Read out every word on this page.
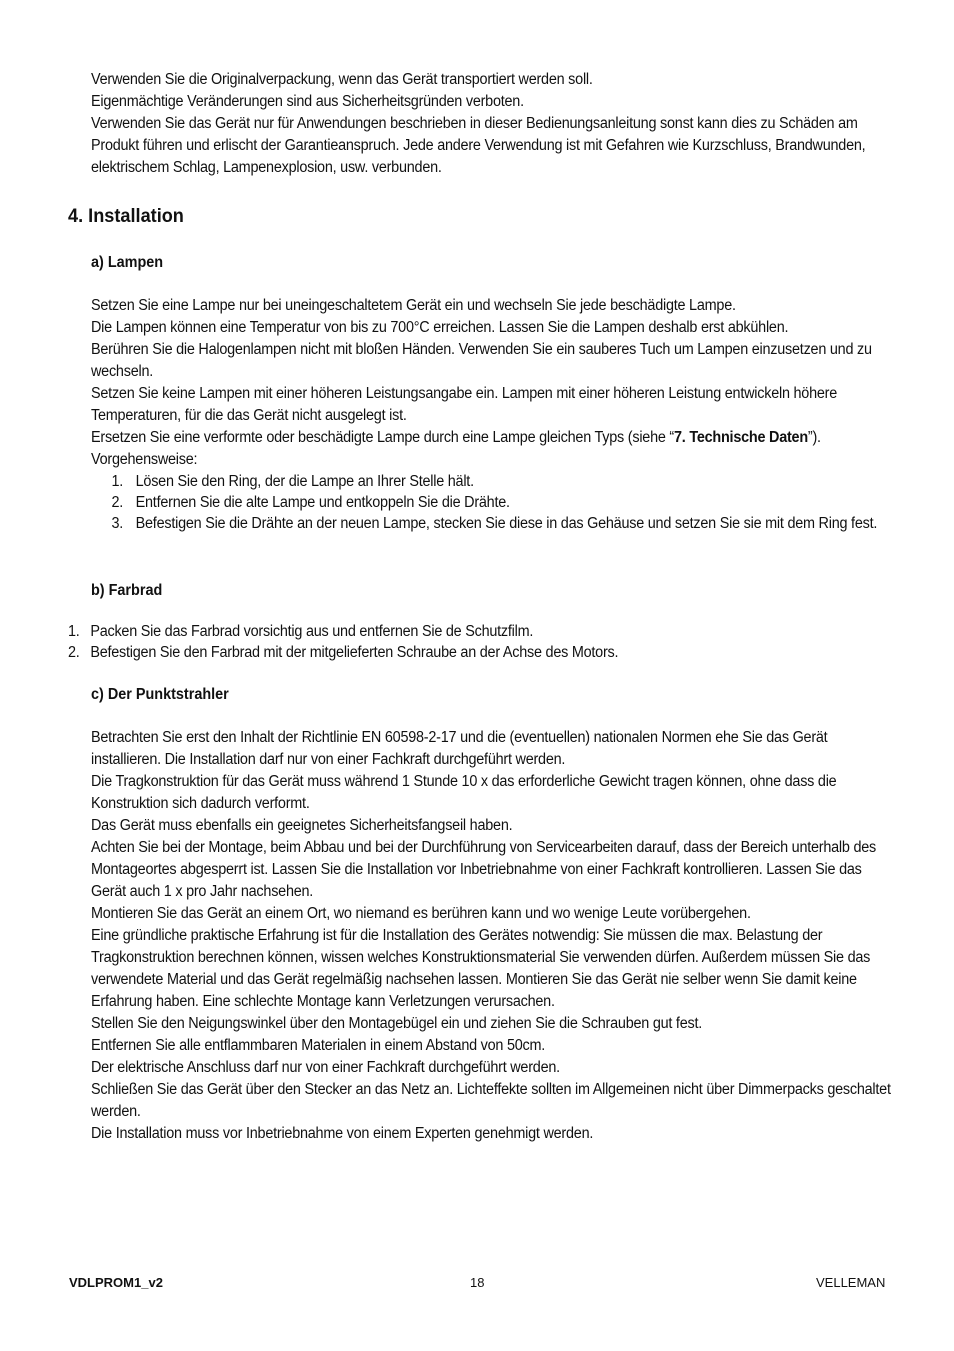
Verwenden Sie die Originalverpackung, wenn das Gerät transportiert werden soll.

Eigenmächtige Veränderungen sind aus Sicherheitsgründen verboten.

Verwenden Sie das Gerät nur für Anwendungen beschrieben in dieser Bedienungsanleitung sonst kann dies zu Schäden am Produkt führen und erlischt der Garantieanspruch. Jede andere Verwendung ist mit Gefahren wie Kurzschluss, Brandwunden, elektrischem Schlag, Lampenexplosion, usw. verbunden.

4. Installation
a) Lampen

Setzen Sie eine Lampe nur bei uneingeschaltetem Gerät ein und wechseln Sie jede beschädigte Lampe.

Die Lampen können eine Temperatur von bis zu 700°C erreichen. Lassen Sie die Lampen deshalb erst abkühlen.

Berühren Sie die Halogenlampen nicht mit bloßen Händen. Verwenden Sie ein sauberes Tuch um Lampen einzusetzen und zu wechseln.

Setzen Sie keine Lampen mit einer höheren Leistungsangabe ein. Lampen mit einer höheren Leistung entwickeln höhere Temperaturen, für die das Gerät nicht ausgelegt ist.

Ersetzen Sie eine verformte oder beschädigte Lampe durch eine Lampe gleichen Typs (siehe “7. Technische Daten”). Vorgehensweise:

1. Lösen Sie den Ring, der die Lampe an Ihrer Stelle hält.
2. Entfernen Sie die alte Lampe und entkoppeln Sie die Drähte.
3. Befestigen Sie die Drähte an der neuen Lampe, stecken Sie diese in das Gehäuse und setzen Sie sie mit dem Ring fest.
b) Farbrad
1. Packen Sie das Farbrad vorsichtig aus und entfernen Sie de Schutzfilm.
2. Befestigen Sie den Farbrad mit der mitgelieferten Schraube an der Achse des Motors.
c) Der Punktstrahler

Betrachten Sie erst den Inhalt der Richtlinie EN 60598-2-17 und die (eventuellen) nationalen Normen ehe Sie das Gerät installieren. Die Installation darf nur von einer Fachkraft durchgeführt werden.

Die Tragkonstruktion für das Gerät muss während 1 Stunde 10 x das erforderliche Gewicht tragen können, ohne dass die Konstruktion sich dadurch verformt.

Das Gerät muss ebenfalls ein geeignetes Sicherheitsfangseil haben.

Achten Sie bei der Montage, beim Abbau und bei der Durchführung von Servicearbeiten darauf, dass der Bereich unterhalb des Montageortes abgesperrt ist. Lassen Sie die Installation vor Inbetriebnahme von einer Fachkraft kontrollieren. Lassen Sie das Gerät auch 1 x pro Jahr nachsehen.

Montieren Sie das Gerät an einem Ort, wo niemand es berühren kann und wo wenige Leute vorübergehen.

Eine gründliche praktische Erfahrung ist für die Installation des Gerätes notwendig: Sie müssen die max. Belastung der Tragkonstruktion berechnen können, wissen welches Konstruktionsmaterial Sie verwenden dürfen. Außerdem müssen Sie das verwendete Material und das Gerät regelmäßig nachsehen lassen. Montieren Sie das Gerät nie selber wenn Sie damit keine Erfahrung haben. Eine schlechte Montage kann Verletzungen verursachen.

Stellen Sie den Neigungswinkel über den Montagebügel ein und ziehen Sie die Schrauben gut fest.

Entfernen Sie alle entflammbaren Materialen in einem Abstand von 50cm.

Der elektrische Anschluss darf nur von einer Fachkraft durchgeführt werden.

Schließen Sie das Gerät über den Stecker an das Netz an. Lichteffekte sollten im Allgemeinen nicht über Dimmerpacks geschaltet werden.

Die Installation muss vor Inbetriebnahme von einem Experten genehmigt werden.

VDLPROM1_v2	18	VELLEMAN
